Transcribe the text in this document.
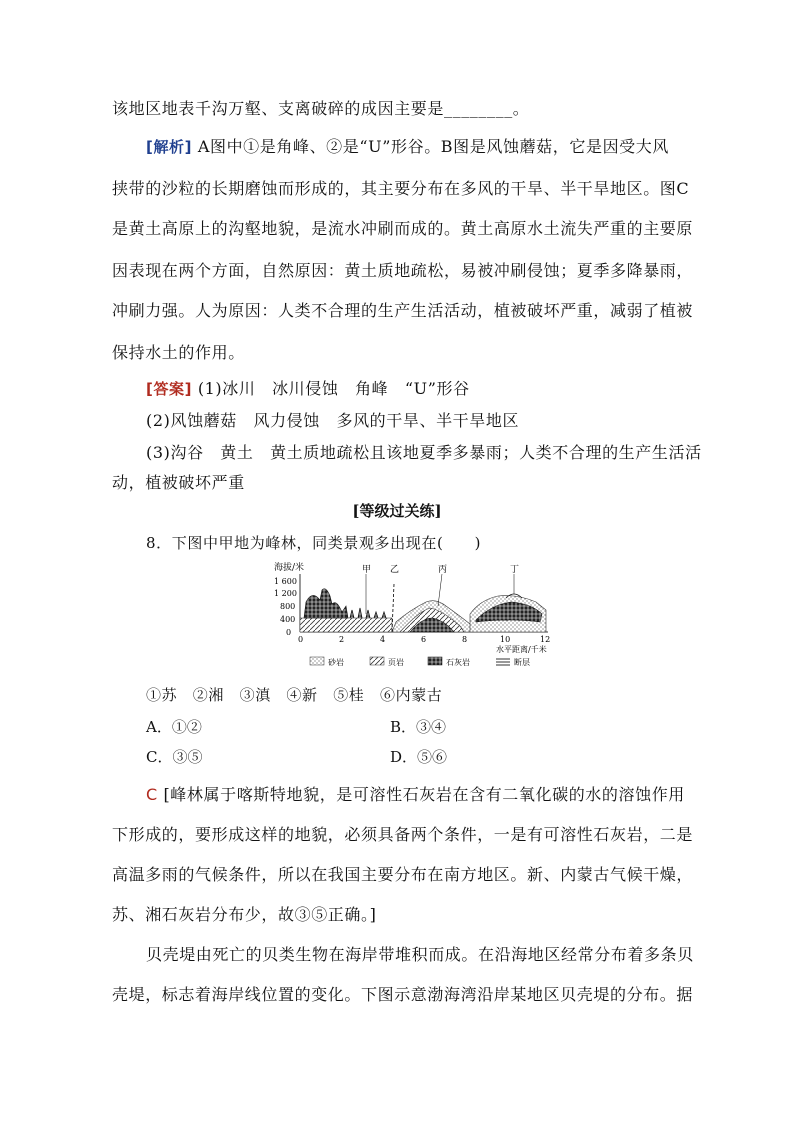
该地区地表千沟万壑、支离破碎的成因主要是________。
[解析] A图中①是角峰、②是“U”形谷。B图是风蚀蘑菇，它是因受大风
挟带的沙粒的长期磨蚀而形成的，其主要分布在多风的干旱、半干旱地区。图C
是黄土高原上的沟壑地貌，是流水冲刷而成的。黄土高原水土流失严重的主要原
因表现在两个方面，自然原因：黄土质地疏松，易被冲刷侵蚀；夏季多降暴雨，
冲刷力强。人为原因：人类不合理的生产生活活动，植被破坏严重，减弱了植被
保持水土的作用。
[答案] (1)冰川　冰川侵蚀　角峰　“U”形谷
(2)风蚀蘑菇　风力侵蚀　多风的干旱、半干旱地区
(3)沟谷　黄土　黄土质地疏松且该地夏季多暴雨；人类不合理的生产生活活
动，植被破坏严重
[等级过关练]
8．下图中甲地为峰林，同类景观多出现在(　　)
海拔/米
1 600
1 200
800
400
0
甲 乙	丙	丁
0	2	4	6	8	10	12
水平距离/千米
砂岩	页岩	石灰岩	断层
①苏　②湘　③滇　④新　⑤桂　⑥内蒙古
A．①②	B．③④
C．③⑤	D．⑤⑥
C [峰林属于喀斯特地貌，是可溶性石灰岩在含有二氧化碳的水的溶蚀作用
下形成的，要形成这样的地貌，必须具备两个条件，一是有可溶性石灰岩，二是
高温多雨的气候条件，所以在我国主要分布在南方地区。新、内蒙古气候干燥，
苏、湘石灰岩分布少，故③⑤正确。]
贝壳堤由死亡的贝类生物在海岸带堆积而成。在沿海地区经常分布着多条贝
壳堤，标志着海岸线位置的变化。下图示意渤海湾沿岸某地区贝壳堤的分布。据
